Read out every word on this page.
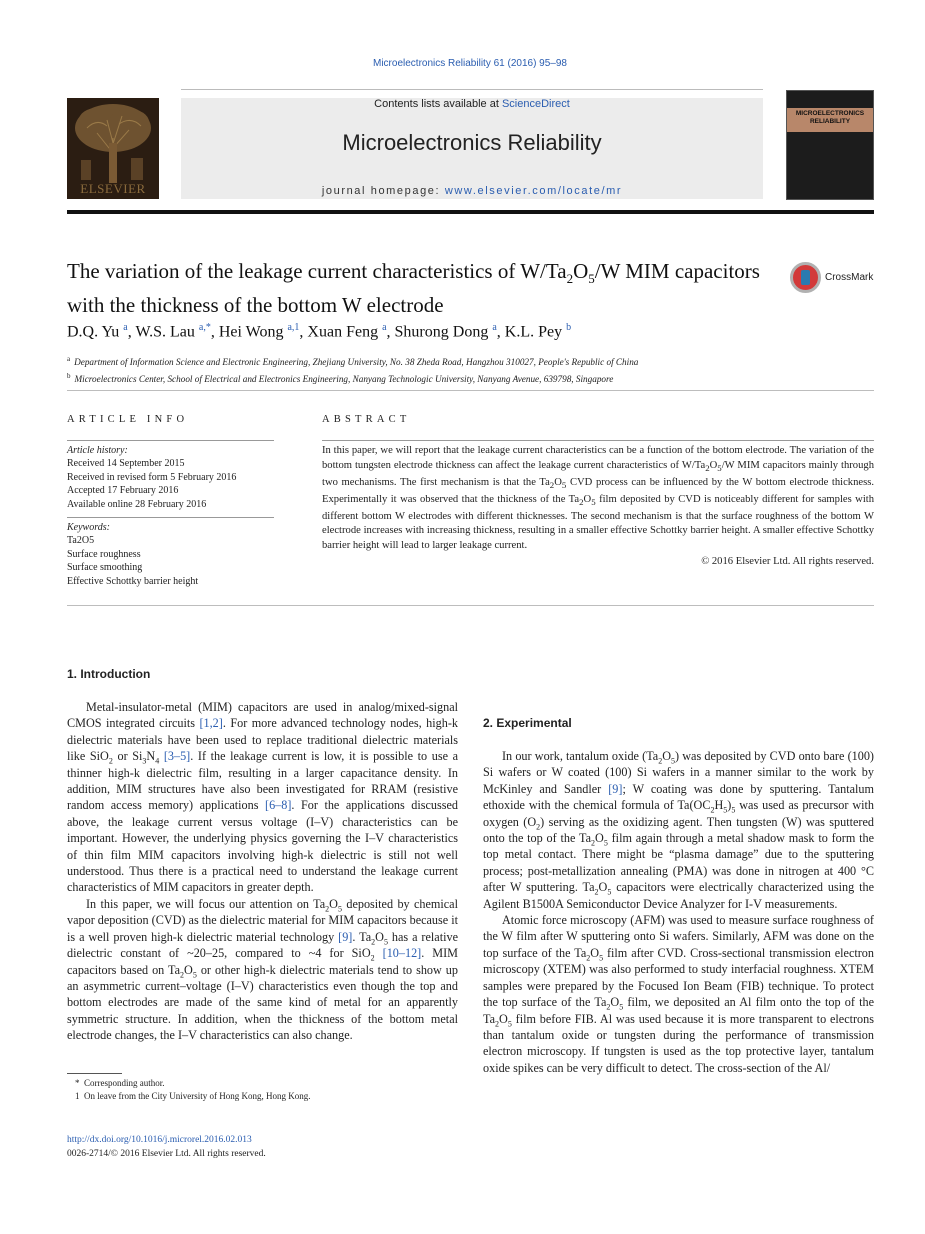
Microelectronics Reliability 61 (2016) 95–98
ELSEVIER
Contents lists available at ScienceDirect
Microelectronics Reliability
journal homepage: www.elsevier.com/locate/mr
MICROELECTRONICS
RELIABILITY
The variation of the leakage current characteristics of $W/Ta_2O_5/W$ MIM capacitors with the thickness of the bottom W electrode
CrossMark
D.Q. Yu $^a$, W.S. Lau $^{a,*}$, Hei Wong $^{a,1}$, Xuan Feng $^a$, Shurong Dong $^a$, K.L. Pey $^b$
$^a$ Department of Information Science and Electronic Engineering, Zhejiang University, No. 38 Zheda Road, Hangzhou 310027, People's Republic of China
$^b$ Microelectronics Center, School of Electrical and Electronics Engineering, Nanyang Technologic University, Nanyang Avenue, 639798, Singapore
ARTICLE INFO	ABSTRACT
Article history:
Received 14 September 2015
Received in revised form 5 February 2016
Accepted 17 February 2016
Available online 28 February 2016
Keywords:
Ta2O5
Surface roughness
Surface smoothing
Effective Schottky barrier height

In this paper, we will report that the leakage current characteristics can be a function of the bottom electrode. The variation of the bottom tungsten electrode thickness can affect the leakage current characteristics of $W/Ta_2O_5/W$ MIM capacitors mainly through two mechanisms. The first mechanism is that the $Ta_2O_5$ CVD process can be influenced by the W bottom electrode thickness. Experimentally it was observed that the thickness of the $Ta_2O_5$ film deposited by CVD is noticeably different for samples with different bottom W electrodes with different thicknesses. The second mechanism is that the surface roughness of the bottom W electrode increases with increasing thickness, resulting in a smaller effective Schottky barrier height. A smaller effective Schottky barrier height will lead to larger leakage current.

© 2016 Elsevier Ltd. All rights reserved.
1. Introduction

Metal-insulator-metal (MIM) capacitors are used in analog/mixed-signal CMOS integrated circuits [1,2]. For more advanced technology nodes, high-k dielectric materials have been used to replace traditional dielectric materials like SiO$_2$ or $Si_3N_4$ [3–5]. If the leakage current is low, it is possible to use a thinner high-k dielectric film, resulting in a larger capacitance density. In addition, MIM structures have also been investigated for RRAM (resistive random access memory) applications [6–8]. For the applications discussed above, the leakage current versus voltage (I–V) characteristics can be important. However, the underlying physics governing the I–V characteristics of thin film MIM capacitors involving high-k dielectric is still not well understood. Thus there is a practical need to understand the leakage current characteristics of MIM capacitors in greater depth.

In this paper, we will focus our attention on $Ta_2O_5$ deposited by chemical vapor deposition (CVD) as the dielectric material for MIM capacitors because it is a well proven high-k dielectric material technology [9]. $Ta_2O_5$ has a relative dielectric constant of ~20–25, compared to ~4 for SiO$_2$ [10–12]. MIM capacitors based on $Ta_2O_5$ or other high-k dielectric materials tend to show up an asymmetric current–voltage (I–V) characteristics even though the top and bottom electrodes are made of the same kind of metal for an apparently symmetric structure. In addition, when the thickness of the bottom metal electrode changes, the I–V characteristics can also change.

2. Experimental

In our work, tantalum oxide $(Ta_2O_5)$ was deposited by CVD onto bare (100) Si wafers or W coated (100) Si wafers in a manner similar to the work by McKinley and Sandler [9]; W coating was done by sputtering. Tantalum ethoxide with the chemical formula of $Ta(OC_2H_5)_5$ was used as precursor with oxygen $(O_2)$ serving as the oxidizing agent. Then tungsten (W) was sputtered onto the top of the $Ta_2O_5$ film again through a metal shadow mask to form the top metal contact. There might be “plasma damage” due to the sputtering process; post-metallization annealing (PMA) was done in nitrogen at 400 °C after W sputtering. $Ta_2O_5$ capacitors were electrically characterized using the Agilent B1500A Semiconductor Device Analyzer for I-V measurements.

Atomic force microscopy (AFM) was used to measure surface roughness of the W film after W sputtering onto Si wafers. Similarly, AFM was done on the top surface of the $Ta_2O_5$ film after CVD. Cross-sectional transmission electron microscopy (XTEM) was also performed to study interfacial roughness. XTEM samples were prepared by the Focused Ion Beam (FIB) technique. To protect the top surface of the $Ta_2O_5$ film, we deposited an Al film onto the top of the $Ta_2O_5$ film before FIB. Al was used because it is more transparent to electrons than tantalum oxide or tungsten during the performance of transmission electron microscopy. If tungsten is used as the top protective layer, tantalum oxide spikes can be very difficult to detect. The cross-section of the Al/

* Corresponding author.
1 On leave from the City University of Hong Kong, Hong Kong.
http://dx.doi.org/10.1016/j.microrel.2016.02.013
0026-2714/© 2016 Elsevier Ltd. All rights reserved.
